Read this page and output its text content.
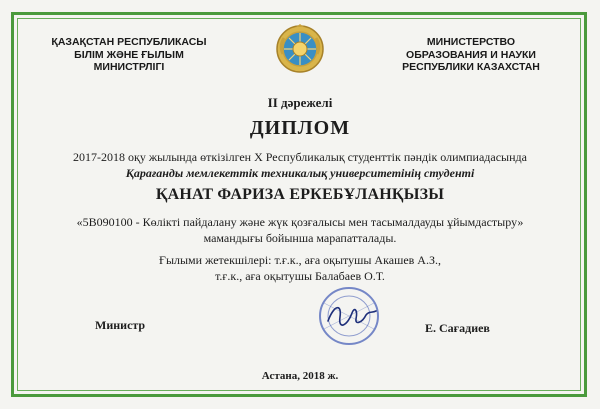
ҚАЗАҚСТАН РЕСПУБЛИКАСЫ
БІЛІМ ЖӘНЕ ҒЫЛЫМ
МИНИСТРЛІГІ
МИНИСТЕРСТВО
ОБРАЗОВАНИЯ И НАУКИ
РЕСПУБЛИКИ КАЗАХСТАН
II дәрежелі
ДИПЛОМ
2017-2018 оқу жылында өткізілген Х Республикалық студенттік пәндік олимпиадасында
Қарағанды мемлекеттік техникалық университетінің студенті
ҚАНАТ ФАРИЗА ЕРКЕБҰЛАНҚЫЗЫ
«5В090100 - Көлікті пайдалану және жүк қозғалысы мен тасымалдауды ұйымдастыру»
мамандығы бойынша марапатталады.
Ғылыми жетекшілері: т.ғ.к., аға оқытушы Акашев А.З.,
т.ғ.к., аға оқытушы Балабаев О.Т.
Министр	Е. Сағадиев
Астана, 2018 ж.
